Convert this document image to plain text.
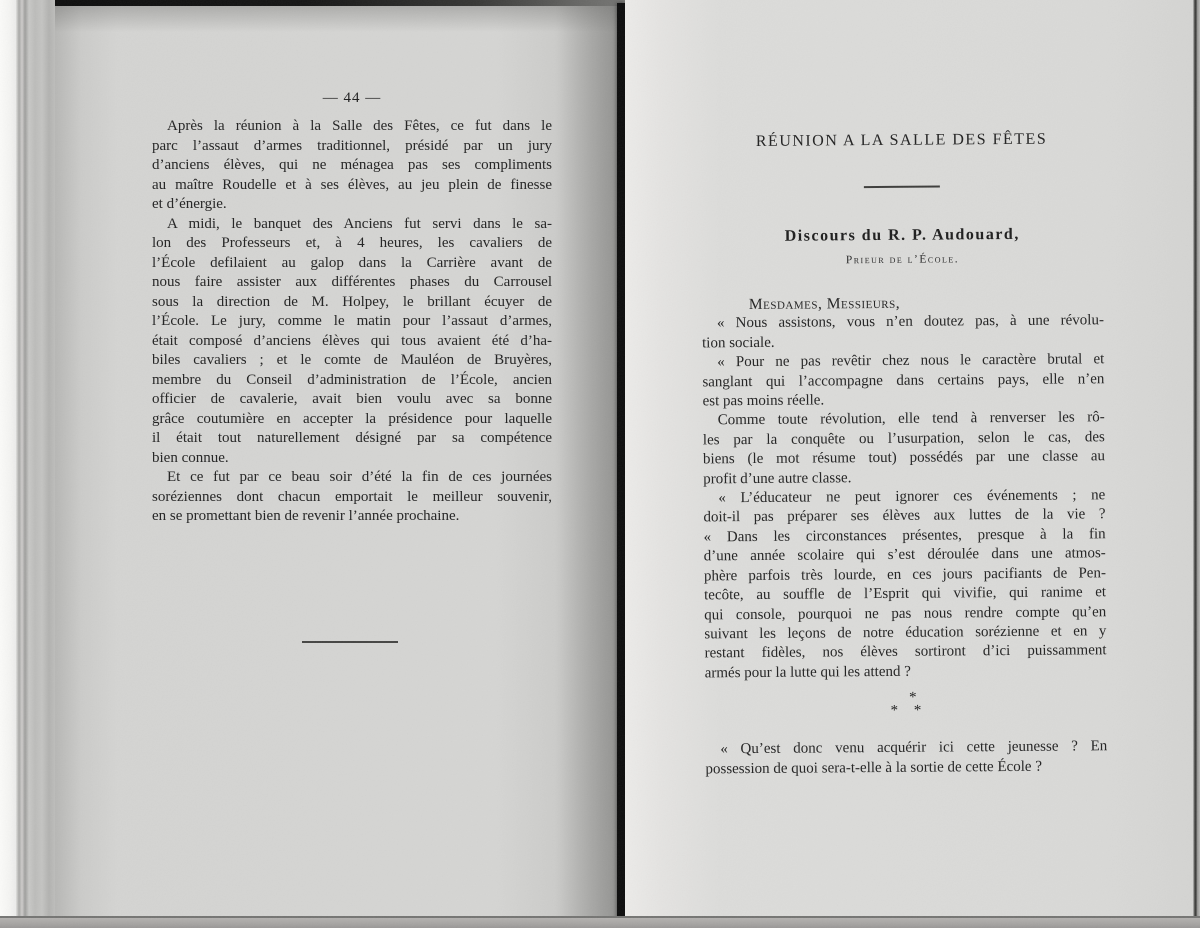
— 44 —
Après la réunion à la Salle des Fêtes, ce fut dans le
parc l’assaut d’armes traditionnel, présidé par un jury
d’anciens élèves, qui ne ménagea pas ses compliments
au maître Roudelle et à ses élèves, au jeu plein de finesse
et d’énergie.
A midi, le banquet des Anciens fut servi dans le sa-
lon des Professeurs et, à 4 heures, les cavaliers de
l’École defilaient au galop dans la Carrière avant de
nous faire assister aux différentes phases du Carrousel
sous la direction de M. Holpey, le brillant écuyer de
l’École. Le jury, comme le matin pour l’assaut d’armes,
était composé d’anciens élèves qui tous avaient été d’ha-
biles cavaliers ; et le comte de Mauléon de Bruyères,
membre du Conseil d’administration de l’École, ancien
officier de cavalerie, avait bien voulu avec sa bonne
grâce coutumière en accepter la présidence pour laquelle
il était tout naturellement désigné par sa compétence
bien connue.
Et ce fut par ce beau soir d’été la fin de ces journées
soréziennes dont chacun emportait le meilleur souvenir,
en se promettant bien de revenir l’année prochaine.
RÉUNION A LA SALLE DES FÊTES
Discours du R. P. Audouard,
Prieur de l’École.
Mesdames, Messieurs,
« Nous assistons, vous n’en doutez pas, à une révolu-
tion sociale.
« Pour ne pas revêtir chez nous le caractère brutal et
sanglant qui l’accompagne dans certains pays, elle n’en
est pas moins réelle.
Comme toute révolution, elle tend à renverser les rô-
les par la conquête ou l’usurpation, selon le cas, des
biens (le mot résume tout) possédés par une classe au
profit d’une autre classe.
« L’éducateur ne peut ignorer ces événements ; ne
doit-il pas préparer ses élèves aux luttes de la vie ?
« Dans les circonstances présentes, presque à la fin
d’une année scolaire qui s’est déroulée dans une atmos-
phère parfois très lourde, en ces jours pacifiants de Pen-
tecôte, au souffle de l’Esprit qui vivifie, qui ranime et
qui console, pourquoi ne pas nous rendre compte qu’en
suivant les leçons de notre éducation sorézienne et en y
restant fidèles, nos élèves sortiront d’ici puissamment
armés pour la lutte qui les attend ?
*
* *
« Qu’est donc venu acquérir ici cette jeunesse ? En
possession de quoi sera-t-elle à la sortie de cette École ?
